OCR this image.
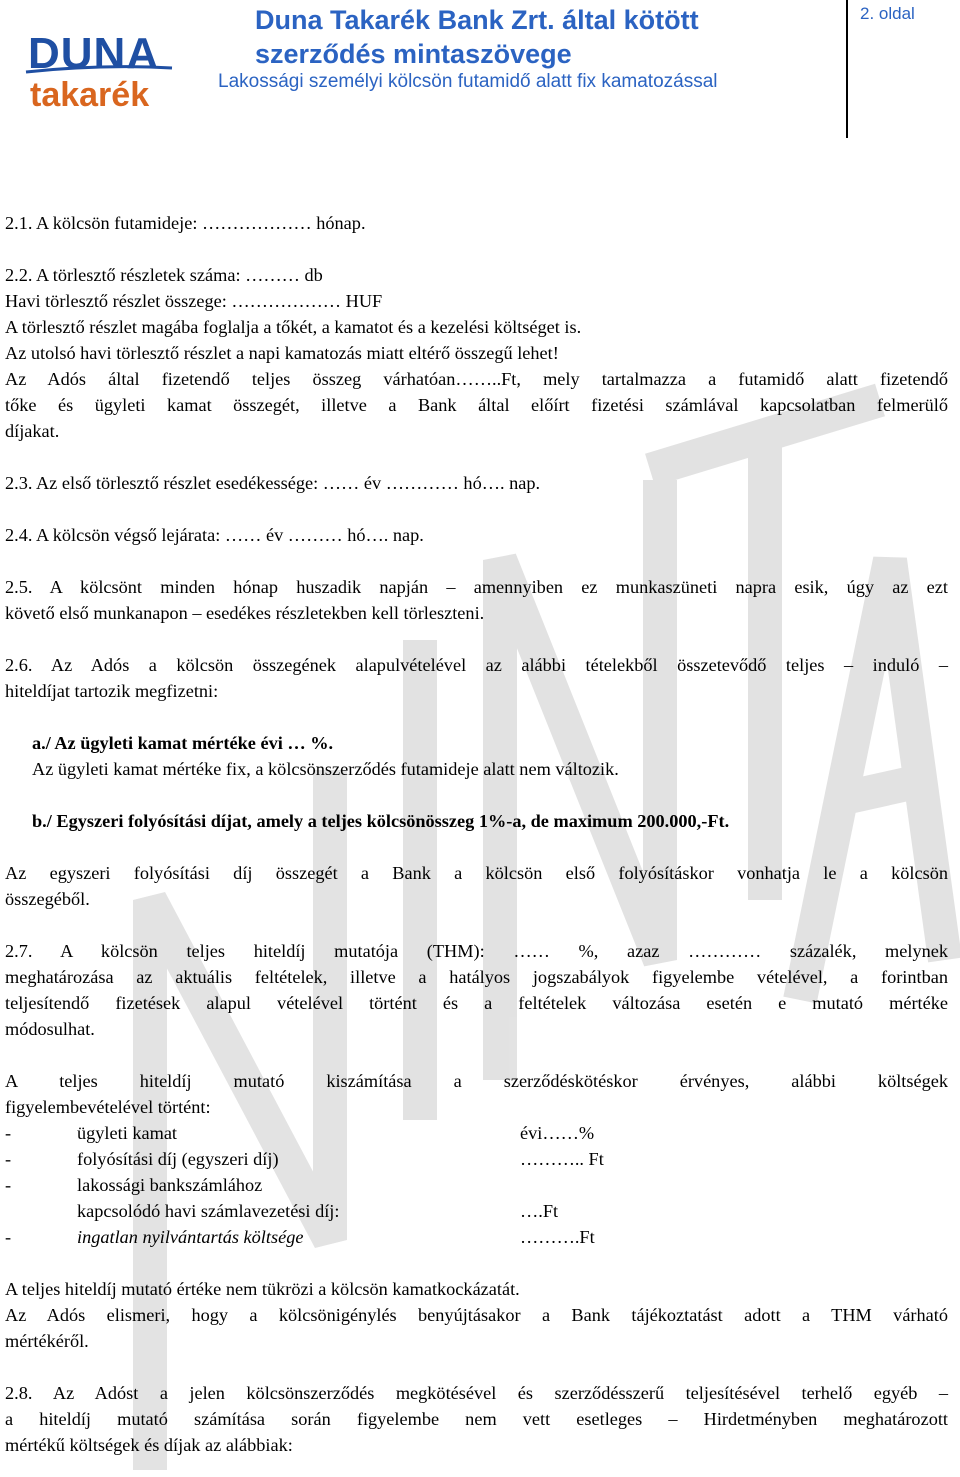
DUNA
takarék
Duna Takarék Bank Zrt. által kötött
szerződés mintaszövege
Lakossági személyi kölcsön futamidő alatt fix kamatozással
2. oldal

2.1. A kölcsön futamideje: ……………… hónap.

2.2. A törlesztő részletek száma: ……… db

Havi törlesztő részlet összege: ……………… HUF

A törlesztő részlet magába foglalja a tőkét, a kamatot és a kezelési költséget is.

Az utolsó havi törlesztő részlet a napi kamatozás miatt eltérő összegű lehet!

Az Adós által fizetendő teljes összeg várhatóan……..Ft, mely tartalmazza a futamidő alatt fizetendő

tőke és ügyleti kamat összegét, illetve a Bank által előírt fizetési számlával kapcsolatban felmerülő

díjakat.

2.3. Az első törlesztő részlet esedékessége: …… év ………… hó…. nap.

2.4. A kölcsön végső lejárata: …… év ……… hó…. nap.

2.5. A kölcsönt minden hónap huszadik napján – amennyiben ez munkaszüneti napra esik, úgy az ezt

követő első munkanapon – esedékes részletekben kell törleszteni.

2.6. Az Adós a kölcsön összegének alapulvételével az alábbi tételekből összetevődő teljes – induló –

hiteldíjat tartozik megfizetni:

a./ Az ügyleti kamat mértéke évi … %.

Az ügyleti kamat mértéke fix, a kölcsönszerződés futamideje alatt nem változik.

b./ Egyszeri folyósítási díjat, amely a teljes kölcsönösszeg 1%-a, de maximum 200.000,-Ft.

Az egyszeri folyósítási díj összegét a Bank a kölcsön első folyósításkor vonhatja le a kölcsön

összegéből.

2.7. A kölcsön teljes hiteldíj mutatója (THM): …… %, azaz ………… százalék, melynek

meghatározása az aktuális feltételek, illetve a hatályos jogszabályok figyelembe vételével, a forintban

teljesítendő fizetések alapul vételével történt és a feltételek változása esetén e mutató mértéke

módosulhat.

A teljes hiteldíj mutató kiszámítása a szerződéskötéskor érvényes, alábbi költségek

figyelembevételével történt:

-	ügyleti kamat	évi……%
-	folyósítási díj (egyszeri díj)	……….. Ft
-	lakossági bankszámlához
kapcsolódó havi számlavezetési díj:	….Ft
-	ingatlan nyilvántartás költsége	……….Ft

A teljes hiteldíj mutató értéke nem tükrözi a kölcsön kamatkockázatát.

Az Adós elismeri, hogy a kölcsönigénylés benyújtásakor a Bank tájékoztatást adott a THM várható

mértékéről.

2.8. Az Adóst a jelen kölcsönszerződés megkötésével és szerződésszerű teljesítésével terhelő egyéb –

a hiteldíj mutató számítása során figyelembe nem vett esetleges – Hirdetményben meghatározott

mértékű költségek és díjak az alábbiak:
